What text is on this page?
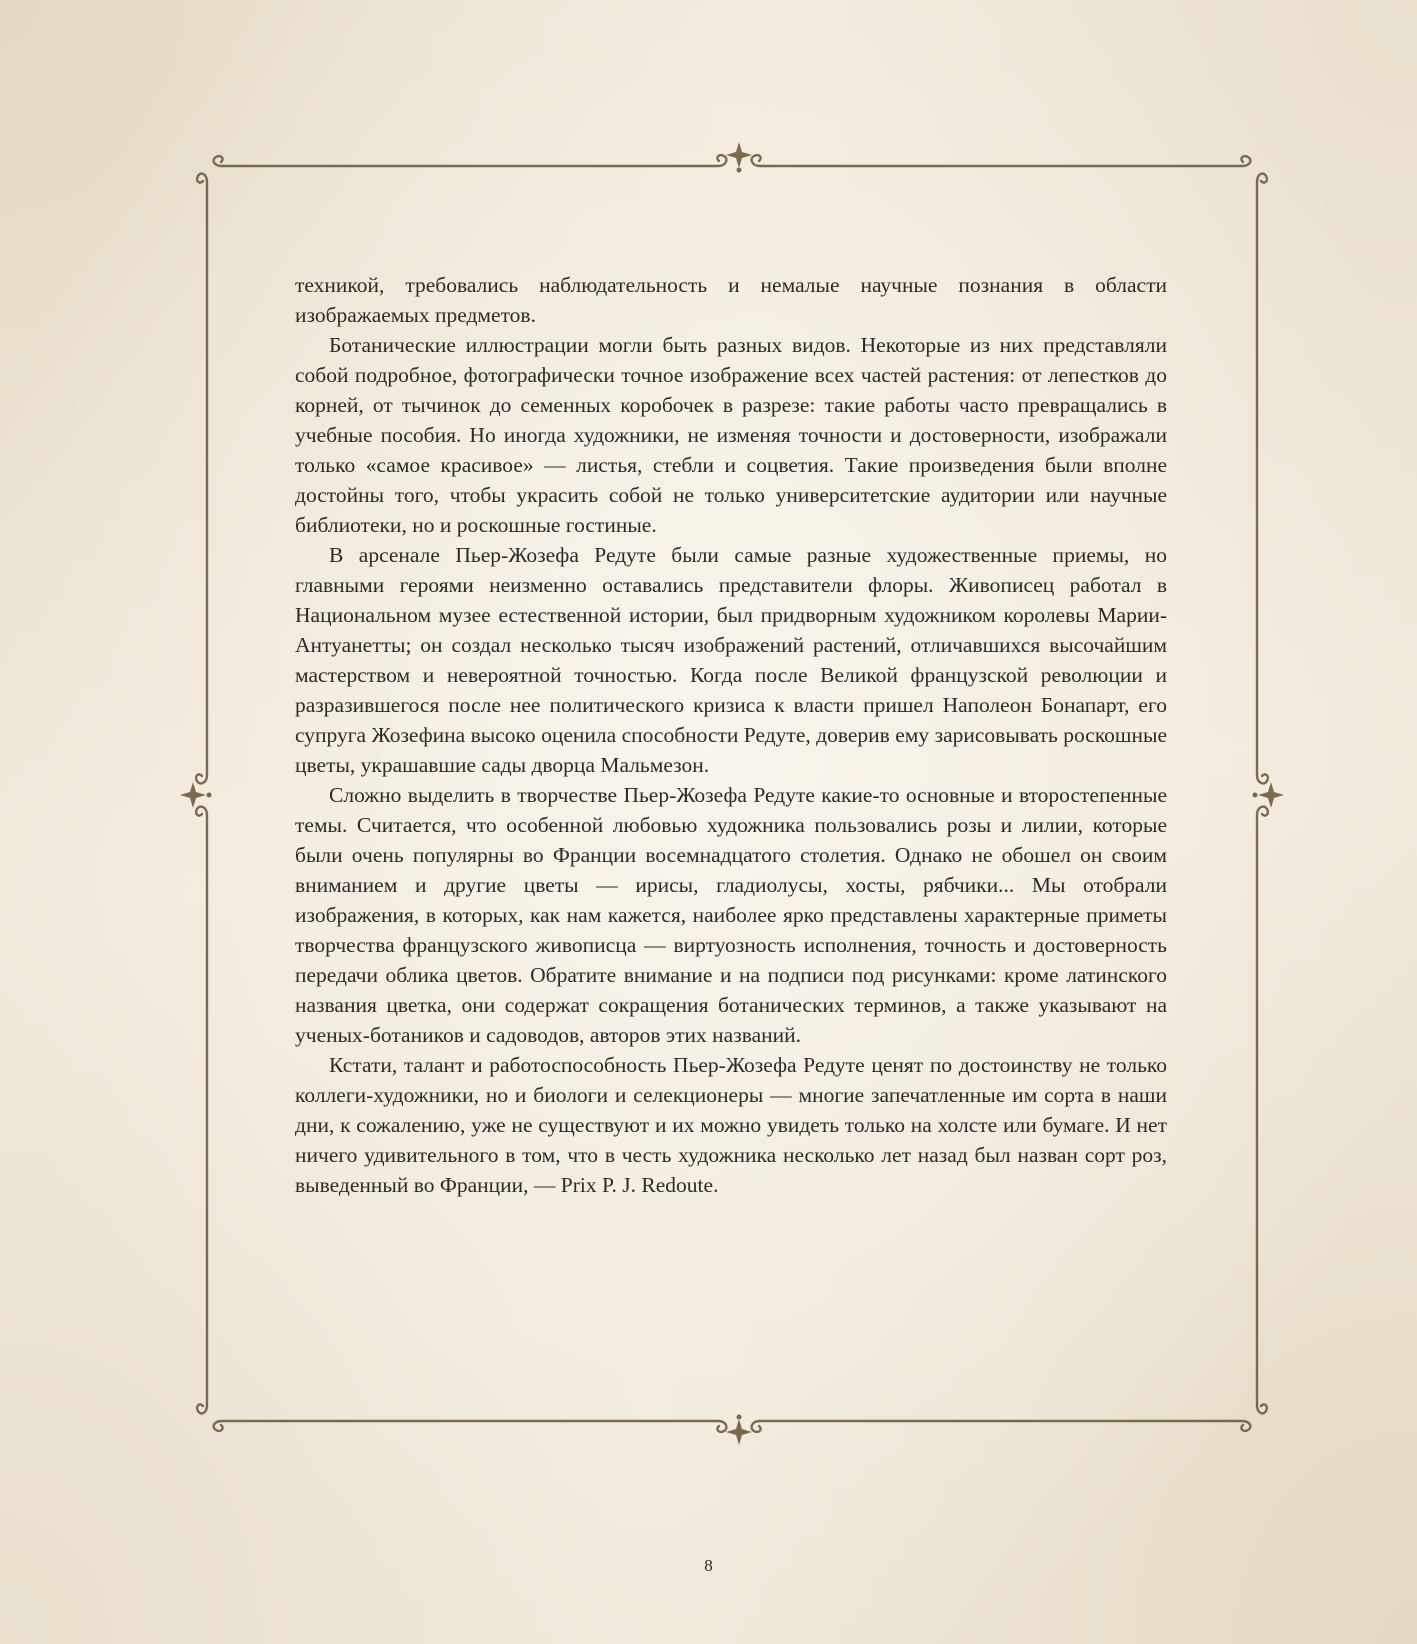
техникой, требовались наблюдательность и немалые научные познания в области изображаемых предметов.

Ботанические иллюстрации могли быть разных видов. Некоторые из них представляли собой подробное, фотографически точное изображение всех частей растения: от лепестков до корней, от тычинок до семенных коробочек в разрезе: такие работы часто превращались в учебные пособия. Но иногда художники, не изменяя точности и достоверности, изображали только «самое красивое» — листья, стебли и соцветия. Такие произведения были вполне достойны того, чтобы украсить собой не только университетские аудитории или научные библиотеки, но и роскошные гостиные.

В арсенале Пьер-Жозефа Редуте были самые разные художественные приемы, но главными героями неизменно оставались представители флоры. Живописец работал в Национальном музее естественной истории, был придворным художником королевы Марии-Антуанетты; он создал несколько тысяч изображений растений, отличавшихся высочайшим мастерством и невероятной точностью. Когда после Великой французской революции и разразившегося после нее политического кризиса к власти пришел Наполеон Бонапарт, его супруга Жозефина высоко оценила способности Редуте, доверив ему зарисовывать роскошные цветы, украшавшие сады дворца Мальмезон.

Сложно выделить в творчестве Пьер-Жозефа Редуте какие-то основные и второстепенные темы. Считается, что особенной любовью художника пользовались розы и лилии, которые были очень популярны во Франции восемнадцатого столетия. Однако не обошел он своим вниманием и другие цветы — ирисы, гладиолусы, хосты, рябчики... Мы отобрали изображения, в которых, как нам кажется, наиболее ярко представлены характерные приметы творчества французского живописца — виртуозность исполнения, точность и достоверность передачи облика цветов. Обратите внимание и на подписи под рисунками: кроме латинского названия цветка, они содержат сокращения ботанических терминов, а также указывают на ученых-ботаников и садоводов, авторов этих названий.

Кстати, талант и работоспособность Пьер-Жозефа Редуте ценят по достоинству не только коллеги-художники, но и биологи и селекционеры — многие запечатленные им сорта в наши дни, к сожалению, уже не существуют и их можно увидеть только на холсте или бумаге. И нет ничего удивительного в том, что в честь художника несколько лет назад был назван сорт роз, выведенный во Франции, — Prix P. J. Redoute.

8
